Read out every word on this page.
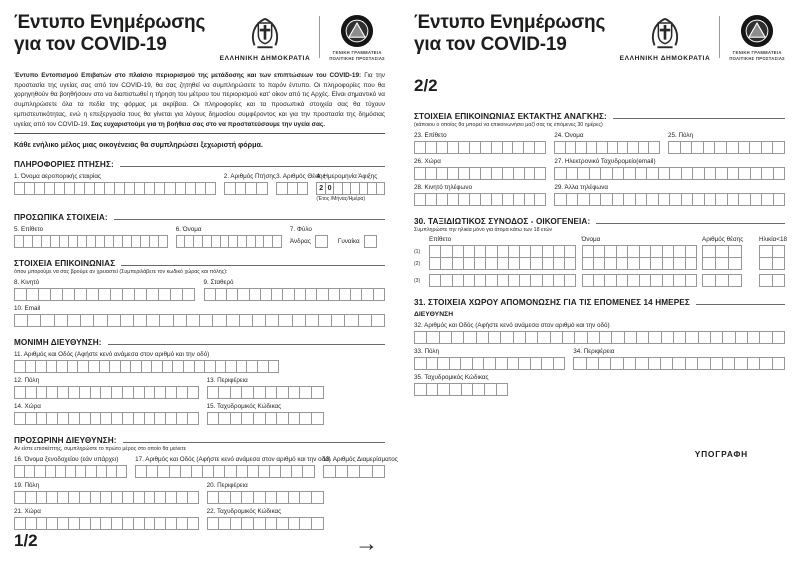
Έντυπο Ενημέρωσης
για τον COVID-19
ΕΛΛΗΝΙΚΗ ΔΗΜΟΚΡΑΤΙΑ
ΓΕΝΙΚΗ ΓΡΑΜΜΑΤΕΙΑ
ΠΟΛΙΤΙΚΗΣ ΠΡΟΣΤΑΣΙΑΣ

Έντυπο Εντοπισμού Επιβατών στο πλαίσιο περιορισμού της μετάδοσης και των επιπτώσεων του COVID-19: Για την προστασία της υγείας σας από τον COVID-19, θα σας ζητηθεί να συμπληρώσετε το παρόν έντυπο. Οι πληροφορίες που θα χορηγηθούν θα βοηθήσουν στο να διαπιστωθεί η τήρηση του μέτρου του περιορισμού κατ' οίκον από τις Αρχές. Είναι σημαντικό να συμπληρώσετε όλα τα πεδία της φόρμας με ακρίβεια. Οι πληροφορίες και τα προσωπικά στοιχεία σας θα τύχουν εμπιστευτικότητας, ενώ η επεξεργασία τους θα γίνεται για λόγους δημοσίου συμφέροντος και για την προστασία της δημόσιας υγείας από τον COVID-19. Σας ευχαριστούμε για τη βοήθεια σας στο να προστατεύσουμε την υγεία σας.

Κάθε ενήλικο μέλος μιας οικογένειας θα συμπληρώσει ξεχωριστή φόρμα.
ΠΛΗΡΟΦΟΡΙΕΣ ΠΤΗΣΗΣ:
1. Όνομα αεροπορικής εταιρίας	2. Αριθμός Πτήσης 3. Αριθμός Θέσης
4. Ημερομηνία Άφιξης
2 0
(Έτος /Μήνας/Ημέρα)
ΠΡΟΣΩΠΙΚΑ ΣΤΟΙΧΕΙΑ:
5. Επίθετο	6. Όνομα	7. Φύλο
Άνδρας	Γυναίκα
ΣΤΟΙΧΕΙΑ ΕΠΙΚΟΙΝΩΝΙΑΣ
όπου μπορούμε να σας βρούμε αν χρειαστεί (Συμπεριλάβετε τον κωδικό χώρας και πόλης):
8. Κινητό	9. Σταθερό
10. Email
ΜΟΝΙΜΗ ΔΙΕΥΘΥΝΣΗ:
11. Αριθμός και Οδός (Αφήστε κενό ανάμεσα στον αριθμό και την οδό)
12. Πόλη	13. Περιφέρεια
14. Χώρα	15. Ταχυδρομικός Κώδικας
ΠΡΟΣΩΡΙΝΗ ΔΙΕΥΘΥΝΣΗ:
Αν είστε επισκέπτης, συμπληρώστε το πρώτο μέρος στο οποίο θα μείνετε
16. Όνομα ξενοδοχείου (εάν υπάρχει)	17. Αριθμός και Οδός (Αφήστε κενό ανάμεσα στον αριθμό και την οδό)
18. Αριθμός Διαμερίσματος
19. Πόλη	20. Περιφέρεια
21. Χώρα	22. Ταχυδρομικός Κώδικας
1/2	→
Έντυπο Ενημέρωσης
για τον COVID-19
ΕΛΛΗΝΙΚΗ ΔΗΜΟΚΡΑΤΙΑ
ΓΕΝΙΚΗ ΓΡΑΜΜΑΤΕΙΑ
ΠΟΛΙΤΙΚΗΣ ΠΡΟΣΤΑΣΙΑΣ
2/2
ΣΤΟΙΧΕΙΑ ΕΠΙΚΟΙΝΩΝΙΑΣ ΕΚΤΑΚΤΗΣ ΑΝΑΓΚΗΣ:
(κάποιου ο οποίος θα μπορεί να επικοινωνήσει μαζί σας τις επόμενες 30 ημέρες)
23. Επίθετο	24. Όνομα	25. Πόλη
26. Χώρα	27. Ηλεκτρονικό Ταχυδρομείο(email)
28. Κινητό τηλέφωνο	29. Άλλα τηλέφωνα
30. ΤΑΞΙΔΙΩΤΙΚΟΣ ΣΥΝΟΔΟΣ - ΟΙΚΟΓΕΝΕΙΑ:
Συμπληρώστε την ηλικία μόνο για άτομα κάτω των 18 ετών
Επίθετο	Όνομα	Αριθμός θέσης Ηλικία<18
(1)
(2)
(3)
31. ΣΤΟΙΧΕΙΑ ΧΩΡΟΥ ΑΠΟΜΟΝΩΣΗΣ ΓΙΑ ΤΙΣ ΕΠΟΜΕΝΕΣ 14 ΗΜΕΡΕΣ
ΔΙΕΥΘΥΝΣΗ
32. Αριθμός και Οδός (Αφήστε κενό ανάμεσα στον αριθμό και την οδό)
33. Πόλη	34. Περιφέρεια
35. Ταχυδρομικός Κώδικας
ΥΠΟΓΡΑΦΗ
